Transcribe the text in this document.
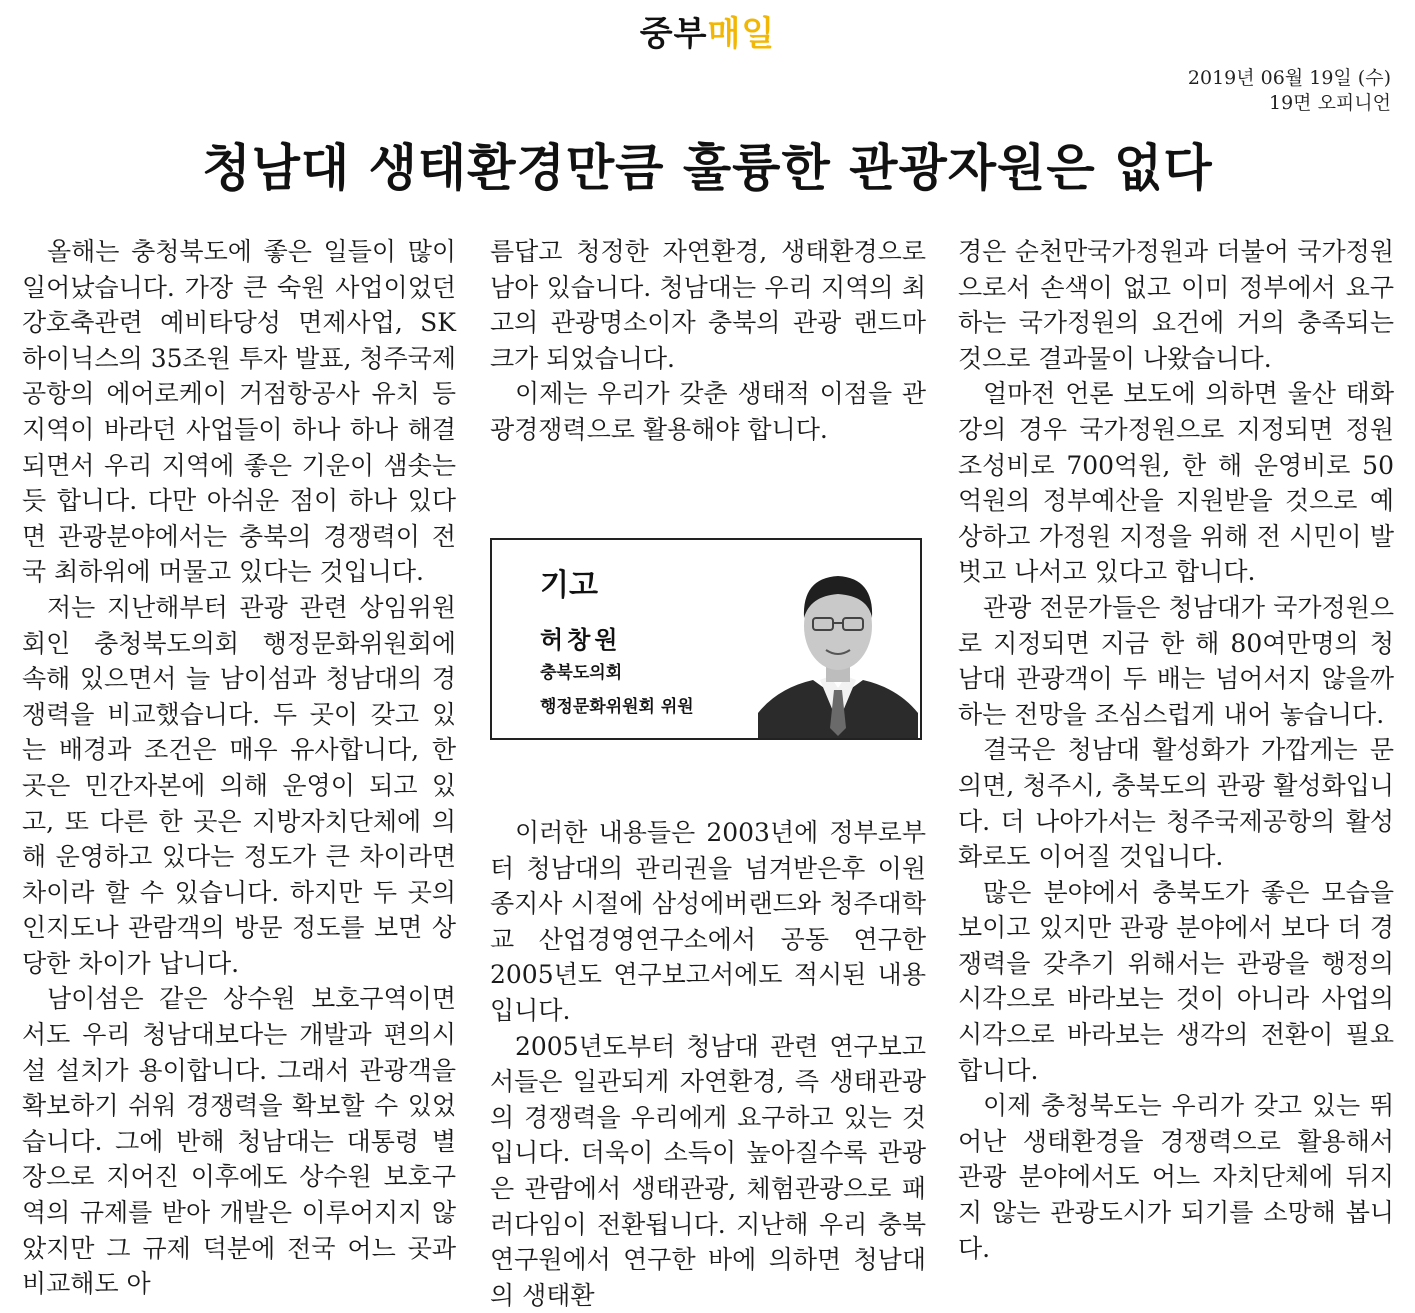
중부매일
2019년 06월 19일 (수)
19면 오피니언
청남대 생태환경만큼 훌륭한 관광자원은 없다

올해는 충청북도에 좋은 일들이 많이 일어났습니다. 가장 큰 숙원 사업이었던 강호축관련 예비타당성 면제사업, SK 하이닉스의 35조원 투자 발표, 청주국제공항의 에어로케이 거점항공사 유치 등 지역이 바라던 사업들이 하나 하나 해결되면서 우리 지역에 좋은 기운이 샘솟는 듯 합니다. 다만 아쉬운 점이 하나 있다면 관광분야에서는 충북의 경쟁력이 전국 최하위에 머물고 있다는 것입니다.

저는 지난해부터 관광 관련 상임위원회인 충청북도의회 행정문화위원회에 속해 있으면서 늘 남이섬과 청남대의 경쟁력을 비교했습니다. 두 곳이 갖고 있는 배경과 조건은 매우 유사합니다, 한 곳은 민간자본에 의해 운영이 되고 있고, 또 다른 한 곳은 지방자치단체에 의해 운영하고 있다는 정도가 큰 차이라면 차이라 할 수 있습니다. 하지만 두 곳의 인지도나 관람객의 방문 정도를 보면 상당한 차이가 납니다.

남이섬은 같은 상수원 보호구역이면서도 우리 청남대보다는 개발과 편의시설 설치가 용이합니다. 그래서 관광객을 확보하기 쉬워 경쟁력을 확보할 수 있었습니다. 그에 반해 청남대는 대통령 별장으로 지어진 이후에도 상수원 보호구역의 규제를 받아 개발은 이루어지지 않았지만 그 규제 덕분에 전국 어느 곳과 비교해도 아

름답고 청정한 자연환경, 생태환경으로 남아 있습니다. 청남대는 우리 지역의 최고의 관광명소이자 충북의 관광 랜드마크가 되었습니다.

이제는 우리가 갖춘 생태적 이점을 관광경쟁력으로 활용해야 합니다.

기고
허창원
충북도의회
행정문화위원회 위원

이러한 내용들은 2003년에 정부로부터 청남대의 관리권을 넘겨받은후 이원종지사 시절에 삼성에버랜드와 청주대학교 산업경영연구소에서 공동 연구한 2005년도 연구보고서에도 적시된 내용입니다.

2005년도부터 청남대 관련 연구보고서들은 일관되게 자연환경, 즉 생태관광의 경쟁력을 우리에게 요구하고 있는 것입니다. 더욱이 소득이 높아질수록 관광은 관람에서 생태관광, 체험관광으로 패러다임이 전환됩니다. 지난해 우리 충북연구원에서 연구한 바에 의하면 청남대의 생태환

경은 순천만국가정원과 더불어 국가정원으로서 손색이 없고 이미 정부에서 요구하는 국가정원의 요건에 거의 충족되는 것으로 결과물이 나왔습니다.

얼마전 언론 보도에 의하면 울산 태화강의 경우 국가정원으로 지정되면 정원조성비로 700억원, 한 해 운영비로 50억원의 정부예산을 지원받을 것으로 예상하고 가정원 지정을 위해 전 시민이 발벗고 나서고 있다고 합니다.

관광 전문가들은 청남대가 국가정원으로 지정되면 지금 한 해 80여만명의 청남대 관광객이 두 배는 넘어서지 않을까하는 전망을 조심스럽게 내어 놓습니다.

결국은 청남대 활성화가 가깝게는 문의면, 청주시, 충북도의 관광 활성화입니다. 더 나아가서는 청주국제공항의 활성화로도 이어질 것입니다.

많은 분야에서 충북도가 좋은 모습을 보이고 있지만 관광 분야에서 보다 더 경쟁력을 갖추기 위해서는 관광을 행정의 시각으로 바라보는 것이 아니라 사업의 시각으로 바라보는 생각의 전환이 필요합니다.

이제 충청북도는 우리가 갖고 있는 뛰어난 생태환경을 경쟁력으로 활용해서 관광 분야에서도 어느 자치단체에 뒤지지 않는 관광도시가 되기를 소망해 봅니다.
